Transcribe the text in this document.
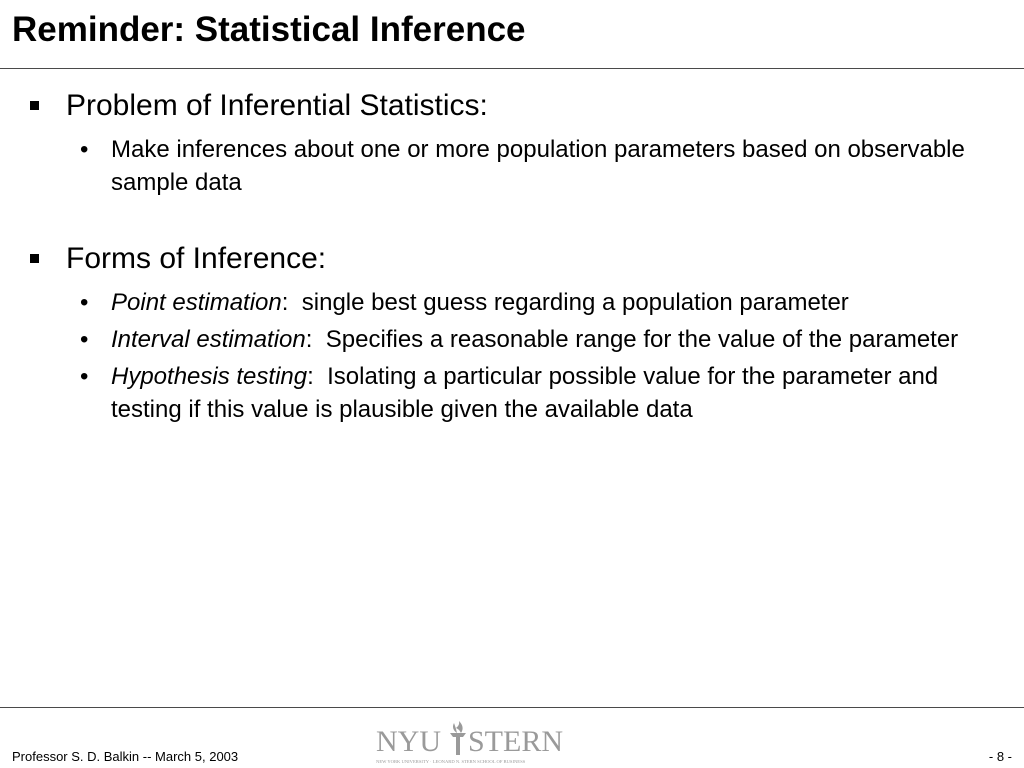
Reminder: Statistical Inference
Problem of Inferential Statistics:
• Make inferences about one or more population parameters based on observable sample data
Forms of Inference:
• Point estimation:  single best guess regarding a population parameter
• Interval estimation:  Specifies a reasonable range for the value of the parameter
• Hypothesis testing:  Isolating a particular possible value for the parameter and testing if this value is plausible given the available data
Professor S. D. Balkin -- March 5, 2003	NYU STERN
NEW YORK UNIVERSITY · LEONARD N. STERN SCHOOL OF BUSINESS	- 8 -
